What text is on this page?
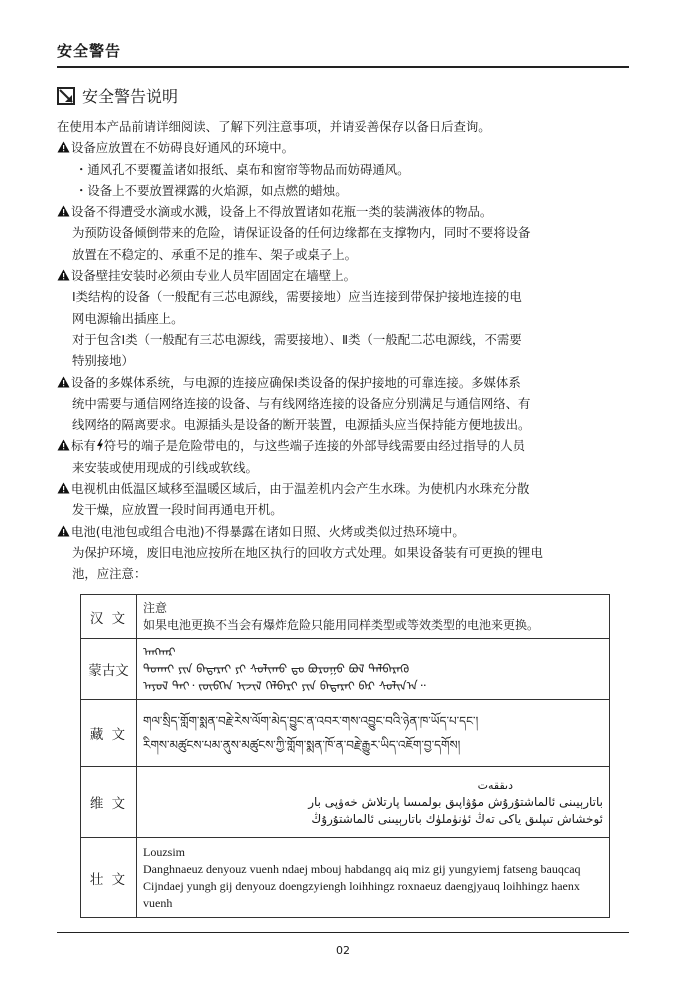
安全警告
安全警告说明

在使用本产品前请详细阅读、了解下列注意事项，并请妥善保存以备日后查询。

设备应放置在不妨碍良好通风的环境中。

・通风孔不要覆盖诸如报纸、桌布和窗帘等物品而妨碍通风。

・设备上不要放置裸露的火焰源，如点燃的蜡烛。

设备不得遭受水滴或水溅，设备上不得放置诸如花瓶一类的装满液体的物品。

为预防设备倾倒带来的危险，请保证设备的任何边缘都在支撑物内，同时不要将设备

放置在不稳定的、承重不足的推车、架子或桌子上。

设备壁挂安装时必须由专业人员牢固固定在墙壁上。

Ⅰ类结构的设备（一般配有三芯电源线，需要接地）应当连接到带保护接地连接的电

网电源输出插座上。

对于包含Ⅰ类（一般配有三芯电源线，需要接地）、Ⅱ类（一般配二芯电源线，不需要

特别接地）

设备的多媒体系统，与电源的连接应确保Ⅰ类设备的保护接地的可靠连接。多媒体系

统中需要与通信网络连接的设备、与有线网络连接的设备应分别满足与通信网络、有

线网络的隔离要求。电源插头是设备的断开装置，电源插头应当保持能方便地拔出。

标有 符号的端子是危险带电的，与这些端子连接的外部导线需要由经过指导的人员

来安装或使用现成的引线或软线。

电视机由低温区域移至温暖区域后，由于温差机内会产生水珠。为使机内水珠充分散

发干燥，应放置一段时间再通电开机。

电池(电池包或组合电池)不得暴露在诸如日照、火烤或类似过热环境中。

为保护环境，废旧电池应按所在地区执行的回收方式处理。如果设备装有可更换的锂电

池，应注意：

汉 文	注意
如果电池更换不当会有爆炸危险只能用同样类型或等效类型的电池来更换。

蒙古文	ᠠᠩᠬᠠᠷ
ᠲᠤᠬᠠᠢ ᠶᠢᠨ ᠪᠠᠲᠠᠷᠠᠢ ᠶᠢ ᠰᠣᠯᠢᠬᠤ ᠳᠤ ᠪᠤᠷᠤᠭᠤ ᠪᠣᠯ ᠳᠡᠯᠪᠡᠷᠡᠬᠦ
ᠠᠶᠤᠯ ᠲᠠᠢ᠂ ᠵᠦᠪᠬᠡᠨ ᠢᠵᠢᠯ ᠬᠡᠯᠪᠡᠷᠢ ᠶᠢᠨ ᠪᠠᠲᠠᠷᠠᠢ ᠪᠡᠷ ᠰᠣᠯᠢᠨ᠎ᠠ᠃

藏 文	གལ་སྲིད་གློག་སྨན་བརྗེ་རེས་ལོག་མེད་བྱུང་ན་འབར་གས་འབྱུང་བའི་ཉེན་ཁ་ཡོད་པ་དང་།
རིགས་མཚུངས་པམ་ནུས་མཚུངས་ཀྱི་གློག་སྨན་ཁོ་ན་བརྗེ་རྒྱུར་ཡིད་འཇོག་བྱ་དགོས།

维 文	دىققەت
باتارېيىنى ئالماشتۇرۇش مۇۋاپىق بولمىسا پارتلاش خەۋپى بار
ئوخشاش تىپلىق ياكى تەڭ ئۈنۈملۈك باتارېيىنى ئالماشتۇرۇڭ

壮 文	Louzsim
Danghnaeuz denyouz vuenh ndaej mbouj habdangq aiq miz gij yungyiemj fatseng bauqcaq
Cijndaej yungh gij denyouz doengzyiengh loihhingz roxnaeuz daengjyauq loihhingz haenx vuenh
02
